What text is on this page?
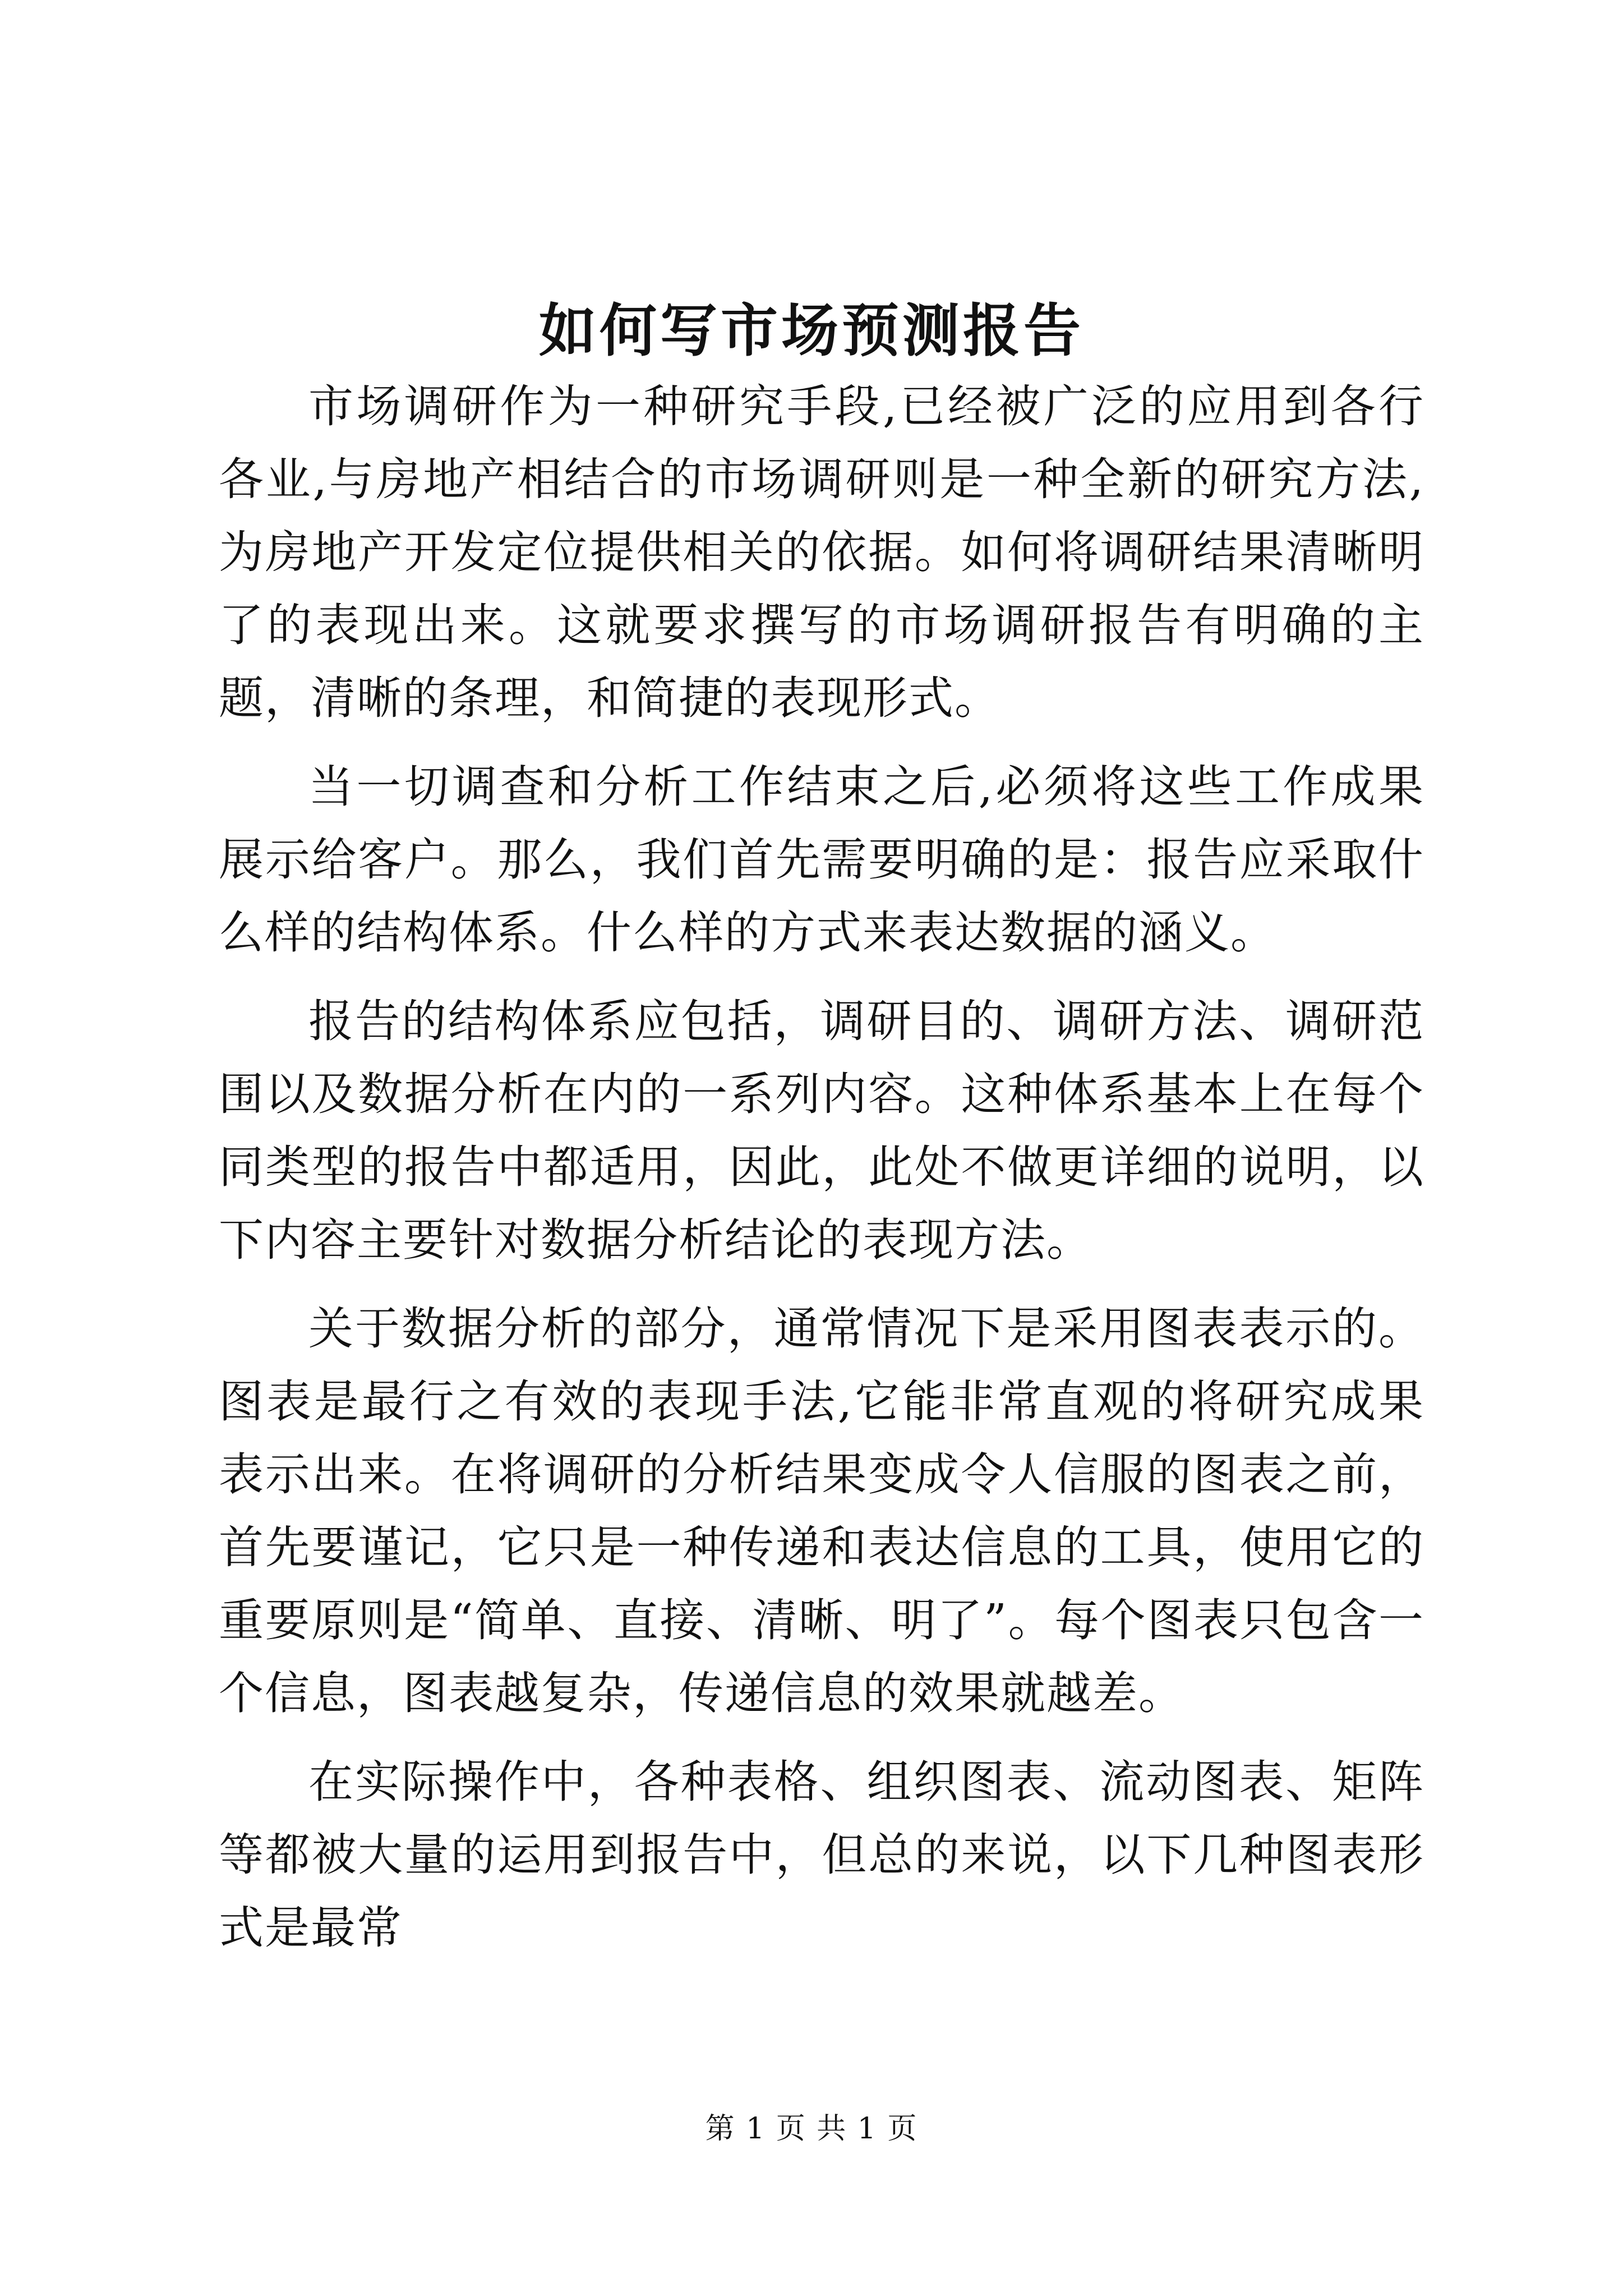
如何写市场预测报告

市场调研作为一种研究手段,已经被广泛的应用到各行各业,与房地产相结合的市场调研则是一种全新的研究方法,为房地产开发定位提供相关的依据。如何将调研结果清晰明了的表现出来。这就要求撰写的市场调研报告有明确的主题，清晰的条理，和简捷的表现形式。

当一切调查和分析工作结束之后,必须将这些工作成果展示给客户。那么，我们首先需要明确的是：报告应采取什么样的结构体系。什么样的方式来表达数据的涵义。

报告的结构体系应包括，调研目的、调研方法、调研范围以及数据分析在内的一系列内容。这种体系基本上在每个同类型的报告中都适用，因此，此处不做更详细的说明，以下内容主要针对数据分析结论的表现方法。

关于数据分析的部分，通常情况下是采用图表表示的。图表是最行之有效的表现手法,它能非常直观的将研究成果表示出来。在将调研的分析结果变成令人信服的图表之前，首先要谨记，它只是一种传递和表达信息的工具，使用它的重要原则是“简单、直接、清晰、明了”。每个图表只包含一个信息，图表越复杂，传递信息的效果就越差。

在实际操作中，各种表格、组织图表、流动图表、矩阵等都被大量的运用到报告中，但总的来说，以下几种图表形式是最常

第 1 页 共 1 页
